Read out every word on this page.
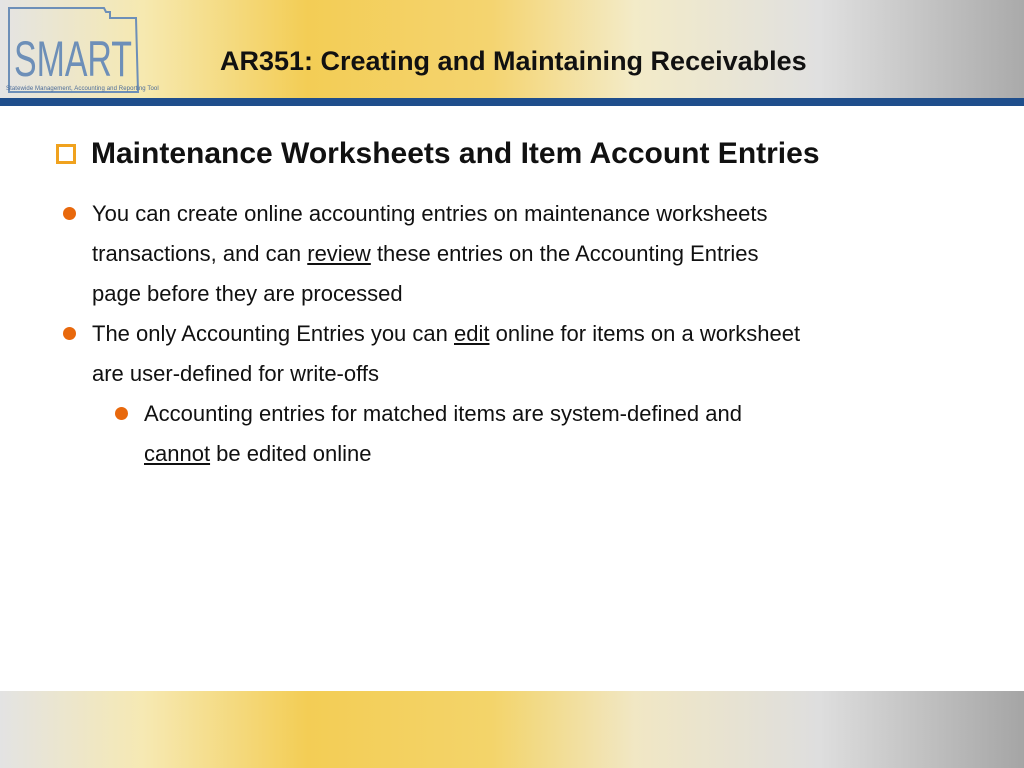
SMART
Statewide Management, Accounting and Reporting Tool
AR351: Creating and Maintaining Receivables
Maintenance Worksheets and Item Account Entries
You can create online accounting entries on maintenance worksheets
transactions, and can review these entries on the Accounting Entries
page before they are processed
The only Accounting Entries you can edit online for items on a worksheet
are user-defined for write-offs
Accounting entries for matched items are system-defined and
cannot be edited online
